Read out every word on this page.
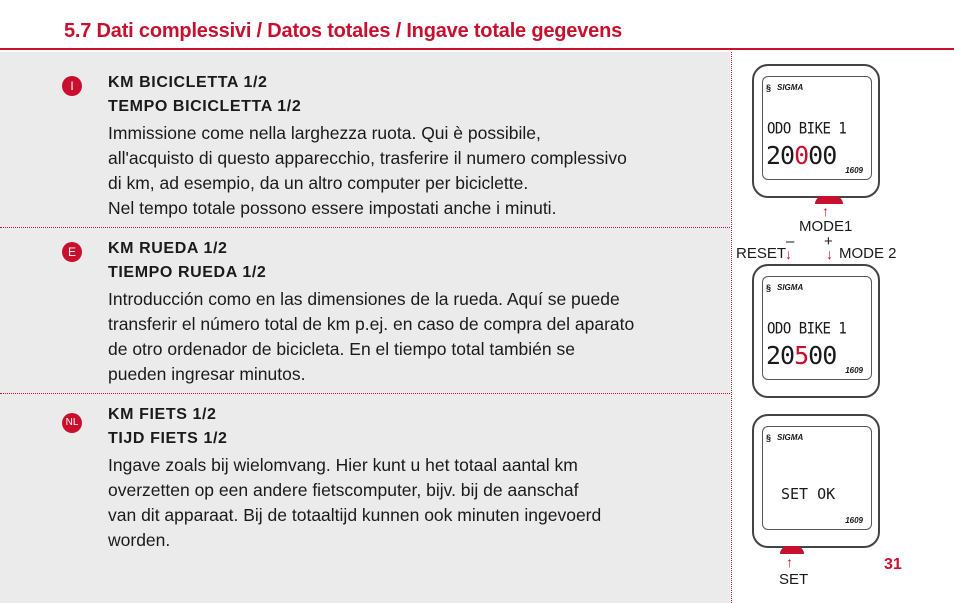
5.7 Dati complessivi / Datos totales / Ingave totale gegevens
I	KM BICICLETTA 1/2

TEMPO BICICLETTA 1/2

Immissione come nella larghezza ruota. Qui è possibile,

all'acquisto di questo apparecchio, trasferire il numero complessivo

di km, ad esempio, da un altro computer per biciclette.

Nel tempo totale possono essere impostati anche i minuti.

E	KM RUEDA 1/2

TIEMPO RUEDA 1/2

Introducción como en las dimensiones de la rueda. Aquí se puede

transferir el número total de km p.ej. en caso de compra del aparato

de otro ordenador de bicicleta. En el tiempo total también se

pueden ingresar minutos.

NL KM FIETS 1/2

TIJD FIETS 1/2

Ingave zoals bij wielomvang. Hier kunt u het totaal aantal km

overzetten op een andere fietscomputer, bijv. bij de aanschaf

van dit apparaat. Bij de totaaltijd kunnen ook minuten ingevoerd

worden.

§ SIGMA
ODO BIKE 1
20000
1609
↑
MODE1
– +
RESET
↓ ↓ MODE 2
§ SIGMA
ODO BIKE 1
20500
1609
§ SIGMA
SET OK
1609
↑
SET
31
